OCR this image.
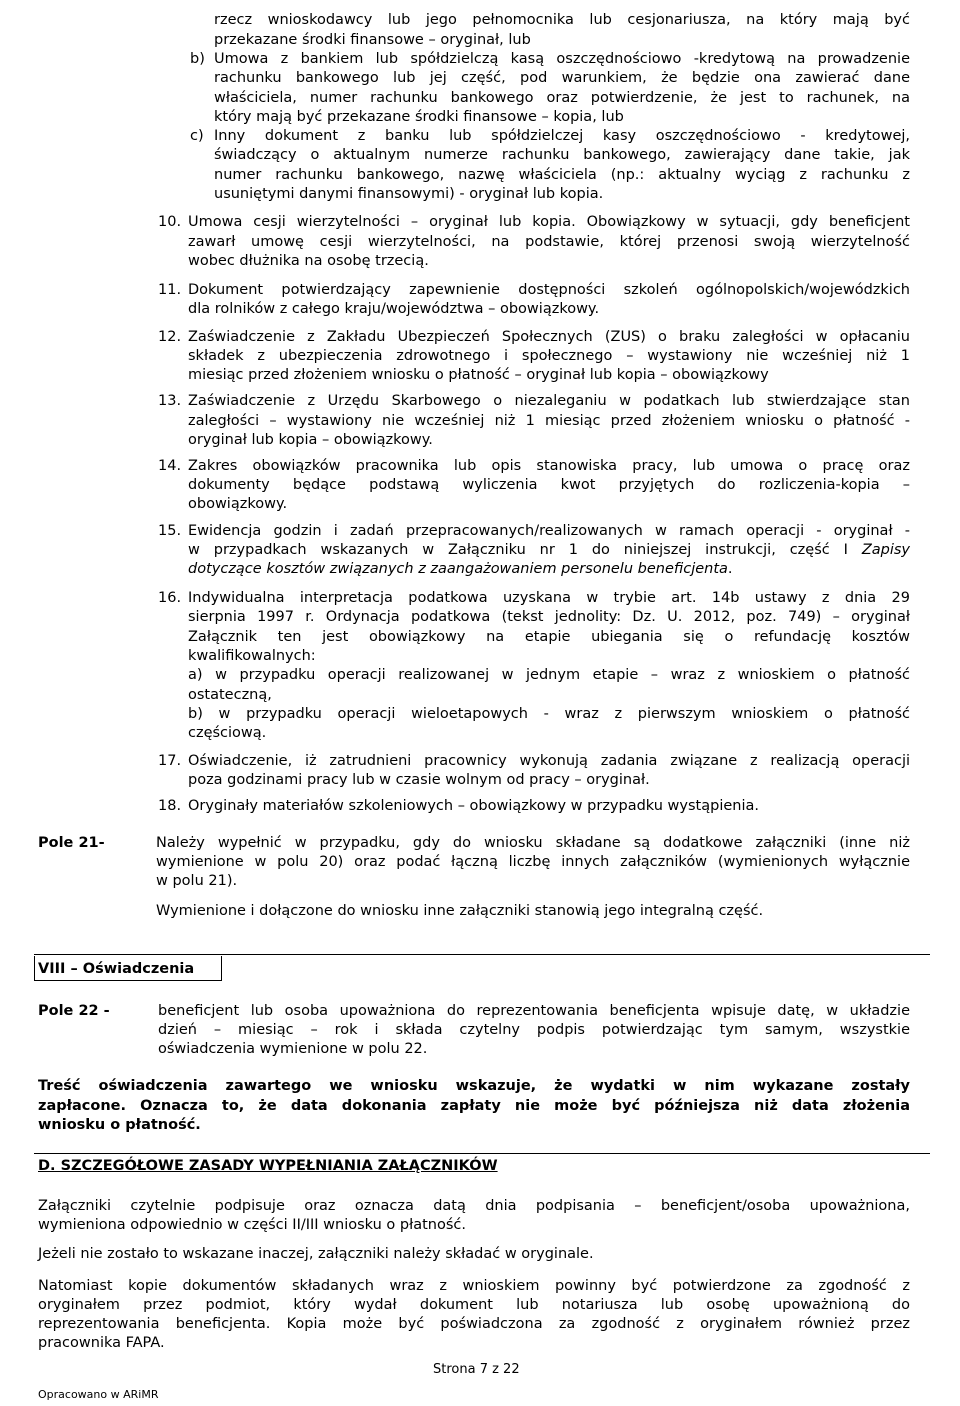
rzecz wnioskodawcy lub jego pełnomocnika lub cesjonariusza, na który mają być
przekazane środki finansowe – oryginał, lub
b) Umowa z bankiem lub spółdzielczą kasą oszczędnościowo -kredytową na prowadzenie
rachunku bankowego lub jej część, pod warunkiem, że będzie ona zawierać dane
właściciela, numer rachunku bankowego oraz potwierdzenie, że jest to rachunek, na
który mają być przekazane środki finansowe – kopia, lub
c) Inny dokument z banku lub spółdzielczej kasy oszczędnościowo - kredytowej,
świadczący o aktualnym numerze rachunku bankowego, zawierający dane takie, jak
numer rachunku bankowego, nazwę właściciela (np.: aktualny wyciąg z rachunku z
usuniętymi danymi finansowymi) - oryginał lub kopia.
10. Umowa cesji wierzytelności – oryginał lub kopia. Obowiązkowy w sytuacji, gdy beneficjent
zawarł umowę cesji wierzytelności, na podstawie, której przenosi swoją wierzytelność
wobec dłużnika na osobę trzecią.
11. Dokument potwierdzający zapewnienie dostępności szkoleń ogólnopolskich/wojewódzkich
dla rolników z całego kraju/województwa – obowiązkowy.
12. Zaświadczenie z Zakładu Ubezpieczeń Społecznych (ZUS) o braku zaległości w opłacaniu
składek z ubezpieczenia zdrowotnego i społecznego – wystawiony nie wcześniej niż 1
miesiąc przed złożeniem wniosku o płatność – oryginał lub kopia – obowiązkowy
13. Zaświadczenie z Urzędu Skarbowego o niezaleganiu w podatkach lub stwierdzające stan
zaległości – wystawiony nie wcześniej niż 1 miesiąc przed złożeniem wniosku o płatność -
oryginał lub kopia – obowiązkowy.
14. Zakres obowiązków pracownika lub opis stanowiska pracy, lub umowa o pracę oraz
dokumenty będące podstawą wyliczenia kwot przyjętych do rozliczenia-kopia –
obowiązkowy.
15. Ewidencja godzin i zadań przepracowanych/realizowanych w ramach operacji - oryginał -
w przypadkach wskazanych w Załączniku nr 1 do niniejszej instrukcji, część I Zapisy
dotyczące kosztów związanych z zaangażowaniem personelu beneficjenta.
16. Indywidualna interpretacja podatkowa uzyskana w trybie art. 14b ustawy z dnia 29
sierpnia 1997 r. Ordynacja podatkowa (tekst jednolity: Dz. U. 2012, poz. 749) – oryginał
Załącznik ten jest obowiązkowy na etapie ubiegania się o refundację kosztów
kwalifikowalnych:
a) w przypadku operacji realizowanej w jednym etapie – wraz z wnioskiem o płatność
ostateczną,
b) w przypadku operacji wieloetapowych - wraz z pierwszym wnioskiem o płatność
częściową.
17. Oświadczenie, iż zatrudnieni pracownicy wykonują zadania związane z realizacją operacji
poza godzinami pracy lub w czasie wolnym od pracy – oryginał.
18. Oryginały materiałów szkoleniowych – obowiązkowy w przypadku wystąpienia.
Pole 21-	Należy wypełnić w przypadku, gdy do wniosku składane są dodatkowe załączniki (inne niż
wymienione w polu 20) oraz podać łączną liczbę innych załączników (wymienionych wyłącznie
w polu 21).
Wymienione i dołączone do wniosku inne załączniki stanowią jego integralną część.
VIII – Oświadczenia
Pole 22 -	beneficjent lub osoba upoważniona do reprezentowania beneficjenta wpisuje datę, w układzie
dzień – miesiąc – rok i składa czytelny podpis potwierdzając tym samym, wszystkie
oświadczenia wymienione w polu 22.
Treść oświadczenia zawartego we wniosku wskazuje, że wydatki w nim wykazane zostały
zapłacone. Oznacza to, że data dokonania zapłaty nie może być późniejsza niż data złożenia
wniosku o płatność.
D. SZCZEGÓŁOWE ZASADY WYPEŁNIANIA ZAŁĄCZNIKÓW
Załączniki czytelnie podpisuje oraz oznacza datą dnia podpisania – beneficjent/osoba upoważniona,
wymieniona odpowiednio w części II/III wniosku o płatność.
Jeżeli nie zostało to wskazane inaczej, załączniki należy składać w oryginale.
Natomiast kopie dokumentów składanych wraz z wnioskiem powinny być potwierdzone za zgodność z
oryginałem przez podmiot, który wydał dokument lub notariusza lub osobę upoważnioną do
reprezentowania beneficjenta. Kopia może być poświadczona za zgodność z oryginałem również przez
pracownika FAPA.
Strona 7 z 22
Opracowano w ARiMR
